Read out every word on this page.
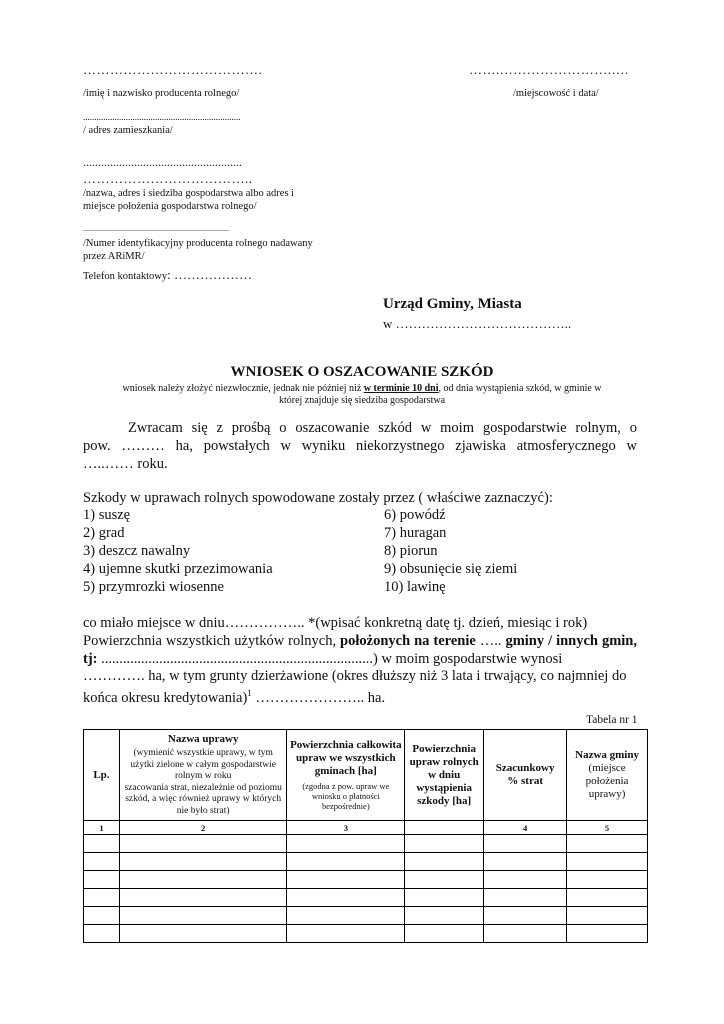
………………………………….	…….…………………….….
/imię i nazwisko producenta rolnego/	/miejscowość i data/
......................................................................
/ adres zamieszkania/
.....................................................
………………………………..
/nazwa, adres i siedziba gospodarstwa albo adres i
miejsce położenia gospodarstwa rolnego/
.........................................................................
/Numer identyfikacyjny producenta rolnego nadawany
przez ARiMR/
Telefon kontaktowy: ………………
Urząd Gminy, Miasta
w …………………………………..
WNIOSEK O OSZACOWANIE SZKÓD
wniosek należy złożyć niezwłocznie, jednak nie później niż w terminie 10 dni, od dnia wystąpienia szkód, w gminie w
której znajduje się siedziba gospodarstwa
Zwracam się z prośbą o oszacowanie szkód w moim gospodarstwie rolnym, o
pow. ……… ha, powstałych w wyniku niekorzystnego zjawiska atmosferycznego w
…..…… roku.
Szkody w uprawach rolnych spowodowane zostały przez ( właściwe zaznaczyć):
1) suszę
2) grad
3) deszcz nawalny
4) ujemne skutki przezimowania
5) przymrozki wiosenne
6) powódź
7) huragan
8) piorun
9) obsunięcie się ziemi
10) lawinę
co miało miejsce w dniu…………….. *(wpisać konkretną datę tj. dzień, miesiąc i rok)
Powierzchnia wszystkich użytków rolnych, położonych na terenie ….. gminy / innych gmin,
tj: ...........................................................................) w moim gospodarstwie wynosi
…………. ha, w tym grunty dzierżawione (okres dłuższy niż 3 lata i trwający, co najmniej do
końca okresu kredytowania)$^1$ ………………….. ha.
Tabela nr 1
Lp.	Nazwa uprawy
(wymienić wszystkie uprawy, w tym użytki zielone w całym gospodarstwie rolnym w roku
szacowania strat, niezależnie od poziomu szkód, a więc również uprawy w których nie było strat)	Powierzchnia całkowita upraw we wszystkich gminach [ha]
(zgodna z pow. upraw we wniosku o płatności bezpośrednie)	Powierzchnia upraw rolnych w dniu wystąpienia szkody [ha]	Szacunkowy % strat	Nazwa gminy
(miejsce położenia uprawy)

1	2	3		4	5
